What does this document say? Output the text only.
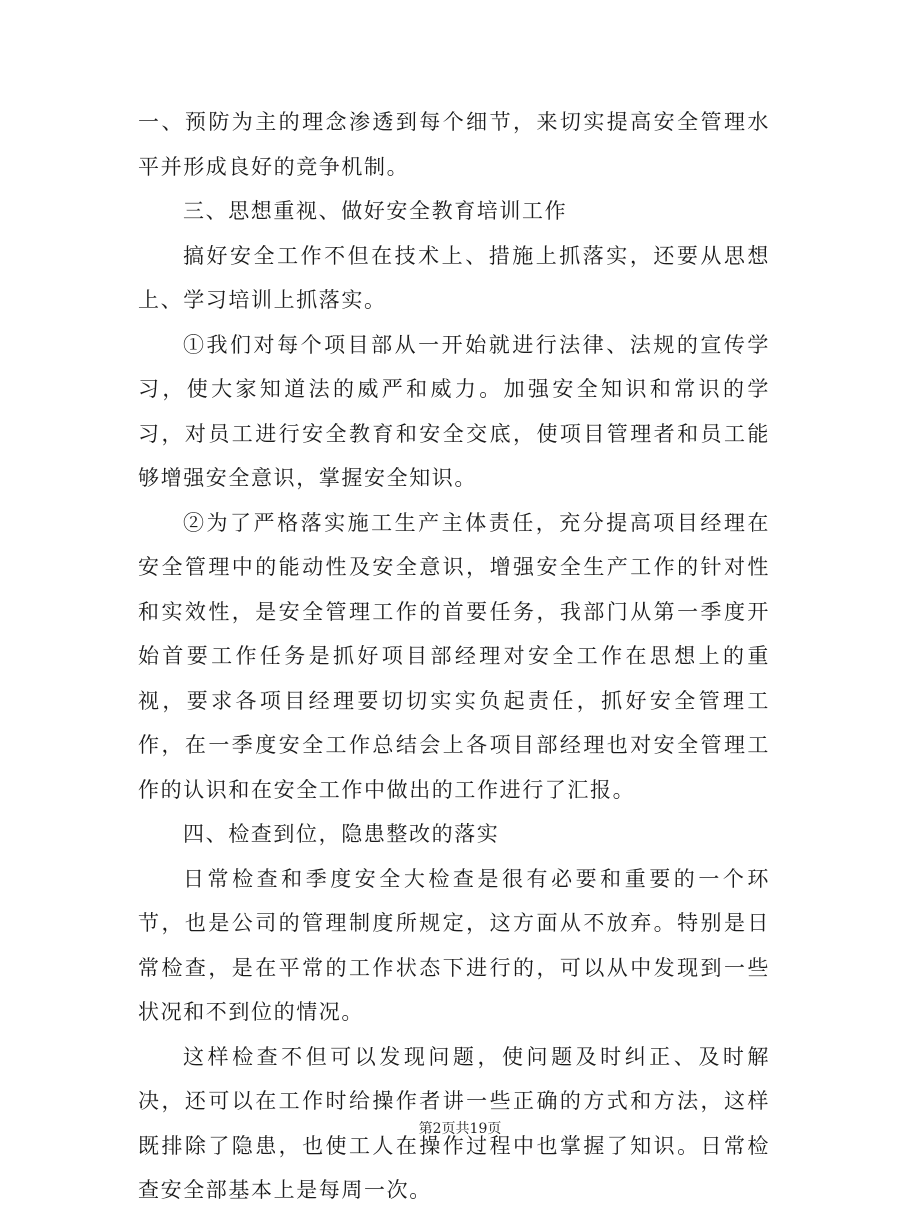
一、预防为主的理念渗透到每个细节，来切实提高安全管理水平并形成良好的竞争机制。

三、思想重视、做好安全教育培训工作

搞好安全工作不但在技术上、措施上抓落实，还要从思想上、学习培训上抓落实。

①我们对每个项目部从一开始就进行法律、法规的宣传学习，使大家知道法的威严和威力。加强安全知识和常识的学习，对员工进行安全教育和安全交底，使项目管理者和员工能够增强安全意识，掌握安全知识。

②为了严格落实施工生产主体责任，充分提高项目经理在安全管理中的能动性及安全意识，增强安全生产工作的针对性和实效性，是安全管理工作的首要任务，我部门从第一季度开始首要工作任务是抓好项目部经理对安全工作在思想上的重视，要求各项目经理要切切实实负起责任，抓好安全管理工作，在一季度安全工作总结会上各项目部经理也对安全管理工作的认识和在安全工作中做出的工作进行了汇报。

四、检查到位，隐患整改的落实

日常检查和季度安全大检查是很有必要和重要的一个环节，也是公司的管理制度所规定，这方面从不放弃。特别是日常检查，是在平常的工作状态下进行的，可以从中发现到一些状况和不到位的情况。

这样检查不但可以发现问题，使问题及时纠正、及时解决，还可以在工作时给操作者讲一些正确的方式和方法，这样既排除了隐患，也使工人在操作过程中也掌握了知识。日常检查安全部基本上是每周一次。

第2页共19页
